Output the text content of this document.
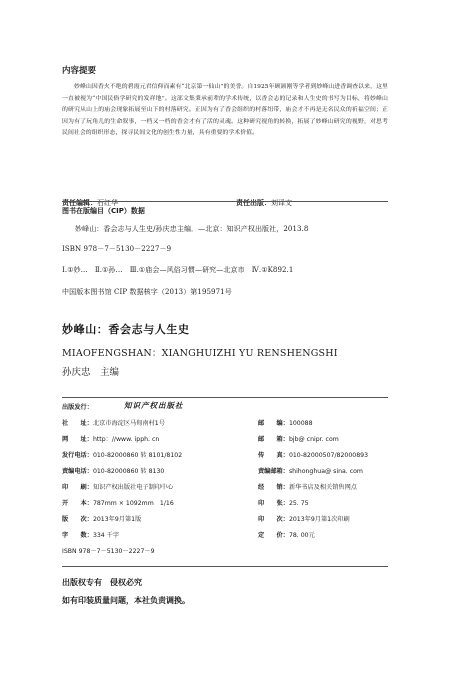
内容提要
妙峰山因香火不绝的碧霞元君信仰而素有“北京第一仙山”的美誉。自1925年顾颉刚等学者到妙峰山进香调查以来，这里一直被视为“中国民俗学研究的发祥地”。这部文集秉承前辈的学术传统，以香会志的记录和人生史的书写为目标，将妙峰山的研究从山上的庙会现象拓展至山下的村落研究。正因为有了香会组织的村落纽带，庙会才不再是无名民众的祈福空间；正因为有了玩角儿的生命叙事，一档又一档的香会才有了活的灵魂。这种研究视角的转换，拓展了妙峰山研究的视野，对思考民间社会的组织形态，探寻民间文化的创生性力量，具有重要的学术价值。
责任编辑：石红华	责任出版：刘译文
图书在版编目（CIP）数据
妙峰山：香会志与人生史/孙庆忠主编．—北京：知识产权出版社，2013.8
ISBN 978－7－5130－2227－9
Ⅰ.①妙…　Ⅱ.①孙…　Ⅲ.①庙会—风俗习惯—研究—北京市　Ⅳ.①K892.1
中国版本图书馆 CIP 数据核字（2013）第195971号
妙峰山：香会志与人生史
MIAOFENGSHAN：XIANGHUIZHI YU RENSHENGSHI
孙庆忠　主编
出版发行：	知识产权出版社
社　　址：北京市海淀区马甸南村1号	邮　　编：100088
网　　址：http：//www. ipph. cn	邮　　箱：bjb@ cnipr. com
发行电话：010-82000860 转 8101/8102	传　　真：010-82000507/82000893
责编电话：010-82000860 转 8130	责编邮箱：shihonghua@ sina. com
印　　刷：知识产权出版社电子制印中心	经　　销：新华书店及相关销售网点
开　　本：787mm × 1092mm　1/16	印　　张：25. 75
版　　次：2013年9月第1版	印　　次：2013年9月第1次印刷
字　　数：334 千字	定　　价：78. 00元
ISBN 978－7－5130－2227－9
出版权专有　侵权必究
如有印装质量问题，本社负责调换。
